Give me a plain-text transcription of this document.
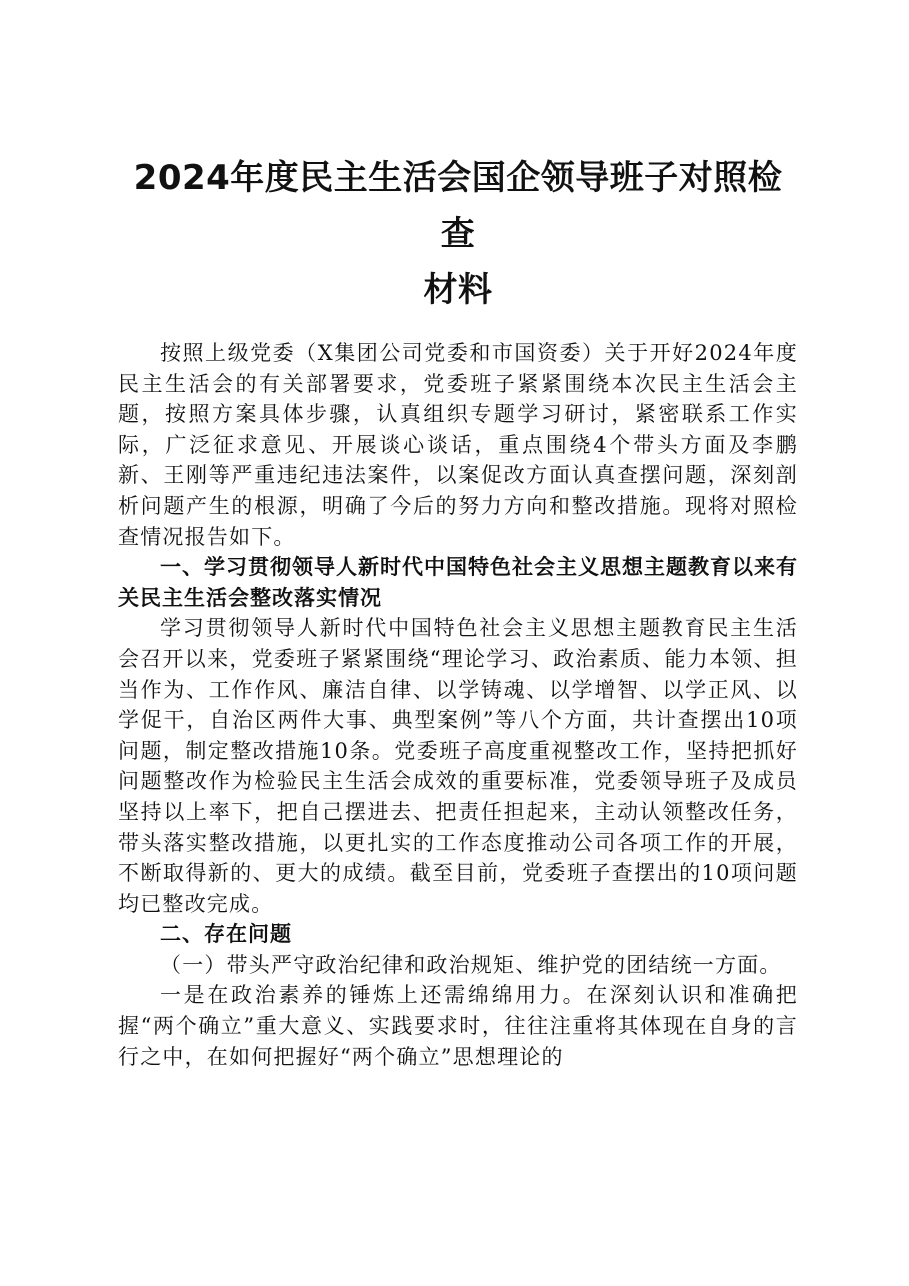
2024年度民主生活会国企领导班子对照检查
材料

按照上级党委（X集团公司党委和市国资委）关于开好2024年度民主生活会的有关部署要求，党委班子紧紧围绕本次民主生活会主题，按照方案具体步骤，认真组织专题学习研讨，紧密联系工作实际，广泛征求意见、开展谈心谈话，重点围绕4个带头方面及李鹏新、王刚等严重违纪违法案件，以案促改方面认真查摆问题，深刻剖析问题产生的根源，明确了今后的努力方向和整改措施。现将对照检查情况报告如下。

一、学习贯彻领导人新时代中国特色社会主义思想主题教育以来有关民主生活会整改落实情况

学习贯彻领导人新时代中国特色社会主义思想主题教育民主生活会召开以来，党委班子紧紧围绕“理论学习、政治素质、能力本领、担当作为、工作作风、廉洁自律、以学铸魂、以学增智、以学正风、以学促干，自治区两件大事、典型案例”等八个方面，共计查摆出10项问题，制定整改措施10条。党委班子高度重视整改工作，坚持把抓好问题整改作为检验民主生活会成效的重要标准，党委领导班子及成员坚持以上率下，把自己摆进去、把责任担起来，主动认领整改任务，带头落实整改措施，以更扎实的工作态度推动公司各项工作的开展，不断取得新的、更大的成绩。截至目前，党委班子查摆出的10项问题均已整改完成。

二、存在问题

（一）带头严守政治纪律和政治规矩、维护党的团结统一方面。

一是在政治素养的锤炼上还需绵绵用力。在深刻认识和准确把握“两个确立”重大意义、实践要求时，往往注重将其体现在自身的言行之中，在如何把握好“两个确立”思想理论的
